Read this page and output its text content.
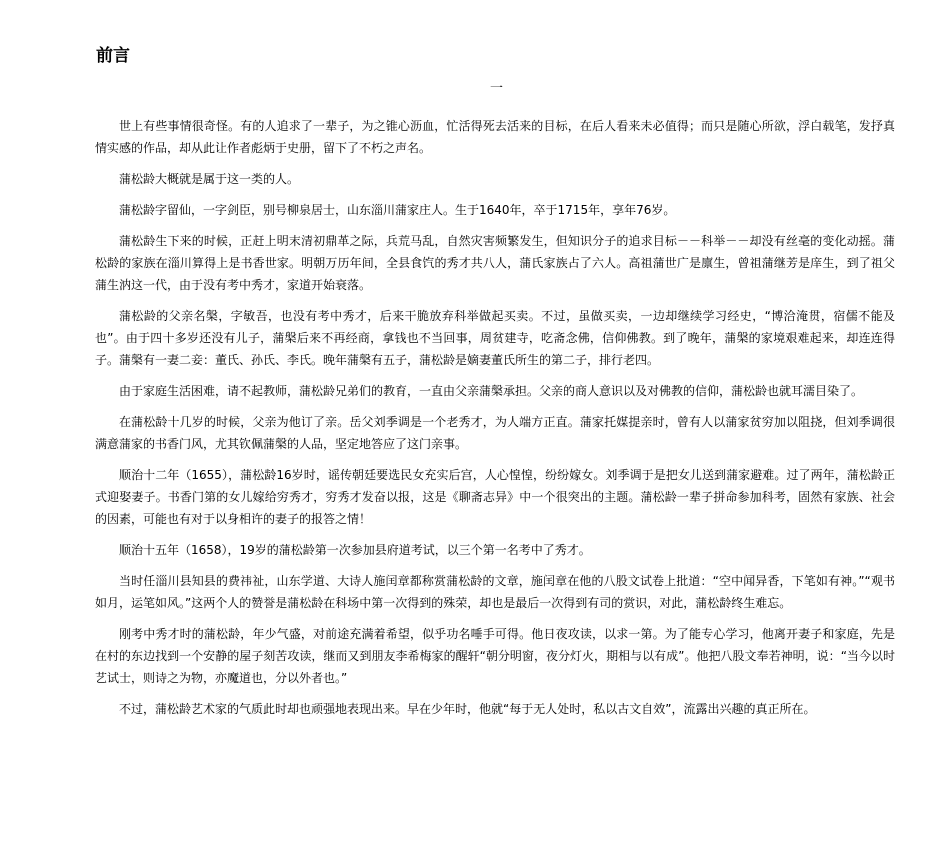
前言
一

世上有些事情很奇怪。有的人追求了一辈子，为之锥心沥血，忙活得死去活来的目标，在后人看来未必值得；而只是随心所欲，浮白载笔，发抒真情实感的作品，却从此让作者彪炳于史册，留下了不朽之声名。

蒲松龄大概就是属于这一类的人。

蒲松龄字留仙，一字剑臣，别号柳泉居士，山东淄川蒲家庄人。生于1640年，卒于1715年，享年76岁。

蒲松龄生下来的时候，正赶上明末清初鼎革之际，兵荒马乱，自然灾害频繁发生，但知识分子的追求目标－－科举－－却没有丝毫的变化动摇。蒲松龄的家族在淄川算得上是书香世家。明朝万历年间，全县食饩的秀才共八人，蒲氏家族占了六人。高祖蒲世广是廪生，曾祖蒲继芳是庠生，到了祖父蒲生汭这一代，由于没有考中秀才，家道开始衰落。

蒲松龄的父亲名槃，字敏吾，也没有考中秀才，后来干脆放弃科举做起买卖。不过，虽做买卖，一边却继续学习经史，“博洽淹贯，宿儒不能及也”。由于四十多岁还没有儿子，蒲槃后来不再经商，拿钱也不当回事，周贫建寺，吃斋念佛，信仰佛教。到了晚年，蒲槃的家境艰难起来，却连连得子。蒲槃有一妻二妾：董氏、孙氏、李氏。晚年蒲槃有五子，蒲松龄是嫡妻董氏所生的第二子，排行老四。

由于家庭生活困难，请不起教师，蒲松龄兄弟们的教育，一直由父亲蒲槃承担。父亲的商人意识以及对佛教的信仰，蒲松龄也就耳濡目染了。

在蒲松龄十几岁的时候，父亲为他订了亲。岳父刘季调是一个老秀才，为人端方正直。蒲家托媒提亲时，曾有人以蒲家贫穷加以阻挠，但刘季调很满意蒲家的书香门风，尤其钦佩蒲槃的人品，坚定地答应了这门亲事。

顺治十二年（1655），蒲松龄16岁时，谣传朝廷要选民女充实后宫，人心惶惶，纷纷嫁女。刘季调于是把女儿送到蒲家避难。过了两年，蒲松龄正式迎娶妻子。书香门第的女儿嫁给穷秀才，穷秀才发奋以报，这是《聊斋志异》中一个很突出的主题。蒲松龄一辈子拼命参加科考，固然有家族、社会的因素，可能也有对于以身相许的妻子的报答之情！

顺治十五年（1658），19岁的蒲松龄第一次参加县府道考试，以三个第一名考中了秀才。

当时任淄川县知县的费祎祉，山东学道、大诗人施闰章都称赏蒲松龄的文章，施闰章在他的八股文试卷上批道：“空中闻异香，下笔如有神。”“观书如月，运笔如风。”这两个人的赞誉是蒲松龄在科场中第一次得到的殊荣，却也是最后一次得到有司的赏识，对此，蒲松龄终生难忘。

刚考中秀才时的蒲松龄，年少气盛，对前途充满着希望，似乎功名唾手可得。他日夜攻读，以求一第。为了能专心学习，他离开妻子和家庭，先是在村的东边找到一个安静的屋子刻苦攻读，继而又到朋友李希梅家的醒轩“朝分明窗，夜分灯火，期相与以有成”。他把八股文奉若神明，说：“当今以时艺试士，则诗之为物，亦魔道也，分以外者也。”

不过，蒲松龄艺术家的气质此时却也顽强地表现出来。早在少年时，他就“每于无人处时，私以古文自效”，流露出兴趣的真正所在。
